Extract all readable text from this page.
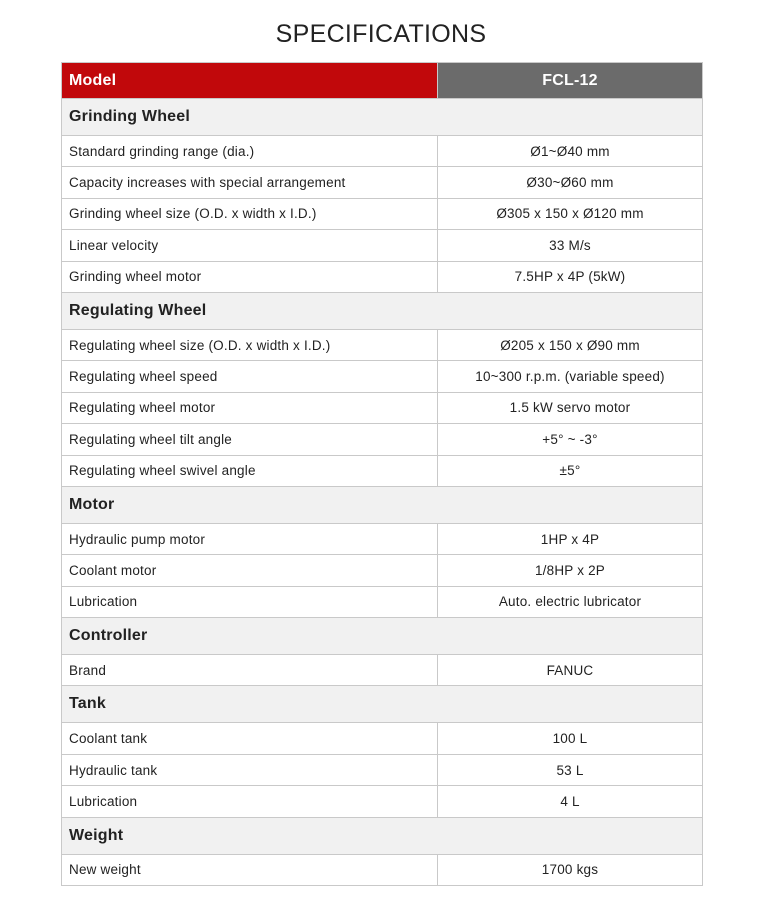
SPECIFICATIONS
Model	FCL-12
Grinding Wheel	
Standard grinding range (dia.)	Ø1~Ø40 mm
Capacity increases with special arrangement	Ø30~Ø60 mm
Grinding wheel size (O.D. x width x I.D.)	Ø305 x 150 x Ø120 mm
Linear velocity	33 M/s
Grinding wheel motor	7.5HP x 4P (5kW)
Regulating Wheel	
Regulating wheel size (O.D. x width x I.D.)	Ø205 x 150 x Ø90 mm
Regulating wheel speed	10~300 r.p.m. (variable speed)
Regulating wheel motor	1.5 kW servo motor
Regulating wheel tilt angle	+5° ~ -3°
Regulating wheel swivel angle	±5°
Motor	
Hydraulic pump motor	1HP x 4P
Coolant motor	1/8HP x 2P
Lubrication	Auto. electric lubricator
Controller	
Brand	FANUC
Tank	
Coolant tank	100 L
Hydraulic tank	53 L
Lubrication	4 L
Weight	
New weight	1700 kgs
